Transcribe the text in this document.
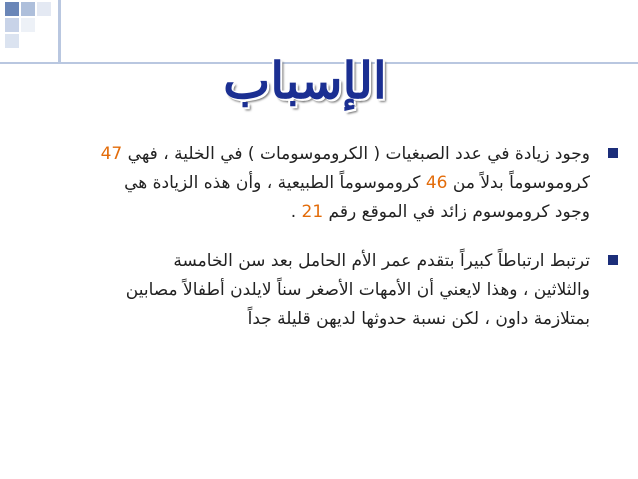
الإسباب
وجود زيادة في عدد الصبغيات ( الكروموسومات ) في الخلية ، فهي 47
كروموسوماً بدلاً من 46 كروموسوماً الطبيعية ، وأن هذه الزيادة هي
وجود كروموسوم زائد في الموقع رقم 21 .
ترتبط ارتباطاً كبيراً بتقدم عمر الأم الحامل بعد سن الخامسة
والثلاثين ، وهذا لايعني أن الأمهات الأصغر سناً لايلدن أطفالاً مصابين
بمتلازمة داون ، لكن نسبة حدوثها لديهن قليلة جداً
